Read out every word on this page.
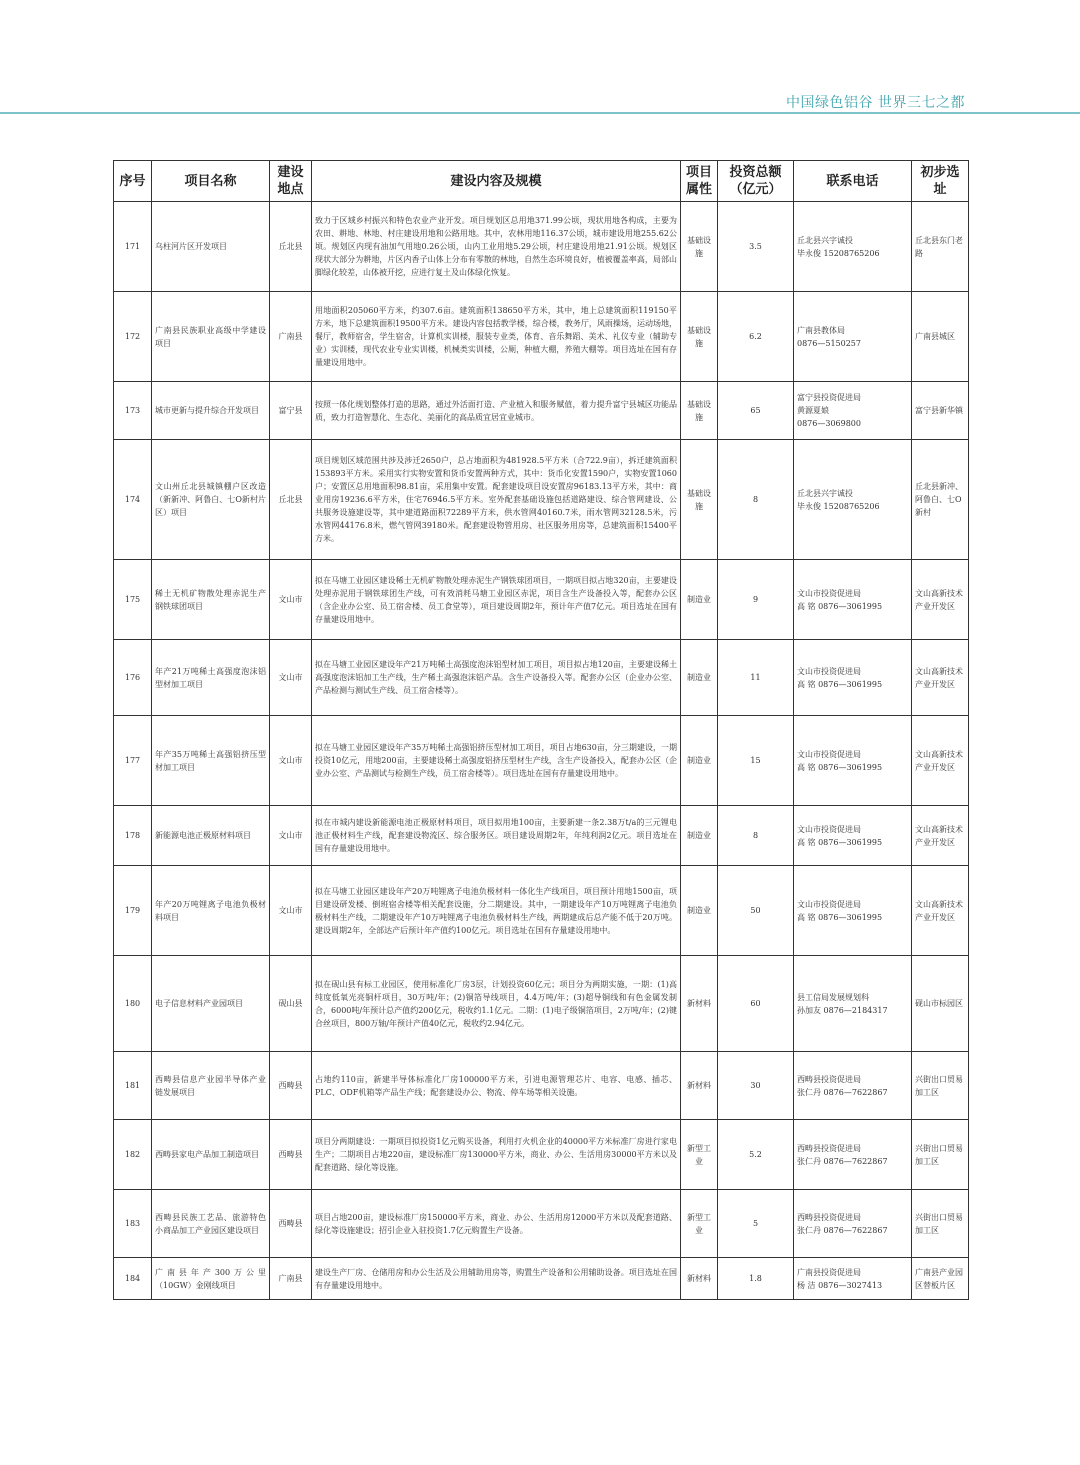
中国绿色铝谷 世界三七之都
序号	项目名称	建设地点	建设内容及规模	项目属性	投资总额（亿元）	联系电话	初步选址
171	乌柱河片区开发项目	丘北县	致力于区域乡村振兴和特色农业产业开发。项目规划区总用地371.99公顷，现状用地各构成，主要为农田、耕地、林地、村庄建设用地和公路用地。其中，农林用地116.37公顷，城市建设用地255.62公顷。规划区内现有油加气用地0.26公顷，山内工业用地5.29公顷，村庄建设用地21.91公顷。规划区现状大部分为耕地，片区内香子山体上分布有零散的林地，自然生态环境良好，植被覆盖率高，局部山脚绿化较差，山体被开挖，应进行复土及山体绿化恢复。	基础设施	3.5	丘北县兴字诚投
毕永俊 15208765206	丘北县东门老路
172	广南县民族职业高级中学建设项目	广南县	用地面积205060平方米，约307.6亩。建筑面积138650平方米，其中，地上总建筑面积119150平方米，地下总建筑面积19500平方米。建设内容包括教学楼，综合楼，教务厅，风雨操场，运动场地，餐厅，教师宿舍，学生宿舍，计算机实训楼，服装专业类，体育、音乐舞蹈、美术、礼仪专业（辅助专业）实训楼，现代农业专业实训楼，机械类实训楼，公厕，种植大棚，养殖大棚等。项目选址在国有存量建设用地中。	基础设施	6.2	广南县教体局
0876—5150257	广南县城区
173	城市更新与提升综合开发项目	富宁县	按照一体化规划整体打造的思路，通过外活面打造、产业植入和服务赋值，着力提升富宁县城区功能品质，致力打造智慧化、生态化、美丽化的高品质宜居宜业城市。	基础设施	65	富宁县投资促进局
黄源夏娘
0876—3069800	富宁县新华镇
174	文山州丘北县城镇棚户区改造（新新冲、阿鲁白、七O新村片区）项目	丘北县	项目规划区域范围共涉及涉迁2650户，总占地面积为481928.5平方米（合722.9亩），拆迁建筑面积153893平方米。采用实行实物安置和货币安置两种方式，其中：货币化安置1590户，实物安置1060户；安置区总用地面积98.81亩，采用集中安置。配套建设项目设安置房96183.13平方米，其中：商业用房19236.6平方米，住宅76946.5平方米。室外配套基础设施包括道路建设、综合管网建设、公共服务设施建设等，其中建道路面积72289平方米，供水管网40160.7米，雨水管网32128.5米，污水管网44176.8米，燃气管网39180米。配套建设物管用房、社区服务用房等，总建筑面积15400平方米。	基础设施	8	丘北县兴宇诚投
毕永俊 15208765206	丘北县新冲、阿鲁白、七O新村
175	稀土无机矿物散处理赤泥生产钢铁球团项目	文山市	拟在马塘工业园区建设稀土无机矿物散处理赤泥生产钢铁球团项目，一期项目拟占地320亩，主要建设处理赤泥用于钢铁球团生产线，可有效消耗马塘工业园区赤泥，项目含生产设备投入等，配套办公区（含企业办公室、员工宿舍楼、员工食堂等），项目建设周期2年，预计年产值7亿元。项目选址在国有存量建设用地中。	制造业	9	文山市投资促进局
高 铭 0876—3061995	文山高新技术产业开发区
176	年产21万吨稀土高强度泡沫铝型材加工项目	文山市	拟在马塘工业园区建设年产21万吨稀土高强度泡沫铝型材加工项目，项目拟占地120亩，主要建设稀土高强度泡沫铝加工生产线，生产稀土高强泡沫铝产品。含生产设备投入等。配套办公区（企业办公室、产品检测与测试生产线、员工宿舍楼等）。	制造业	11	文山市投资促进局
高 铭 0876—3061995	文山高新技术产业开发区
177	年产35万吨稀土高强铝挤压型材加工项目	文山市	拟在马塘工业园区建设年产35万吨稀土高强铝挤压型材加工项目，项目占地630亩，分三期建设，一期投资10亿元，用地200亩，主要建设稀土高强度铝挤压型材生产线，含生产设备投入，配套办公区（企业办公室、产品测试与检测生产线，员工宿舍楼等）。项目选址在国有存量建设用地中。	制造业	15	文山市投资促进局
高 铭 0876—3061995	文山高新技术产业开发区
178	新能源电池正极原材料项目	文山市	拟在市城内建设新能源电池正极原材料项目，项目拟用地100亩，主要新建一条2.38万t/a的三元锂电池正极材料生产线，配套建设物流区、综合服务区。项目建设周期2年，年纯利润2亿元。项目选址在国有存量建设用地中。	制造业	8	文山市投资促进局
高 铭 0876—3061995	文山高新技术产业开发区
179	年产20万吨锂离子电池负极材料项目	文山市	拟在马塘工业园区建设年产20万吨锂离子电池负极材料一体化生产线项目，项目预计用地1500亩，项目建设研发楼、倒班宿舍楼等相关配套设施，分二期建设。其中，一期建设年产10万吨锂离子电池负极材料生产线，二期建设年产10万吨锂离子电池负极材料生产线，两期建成后总产能不低于20万吨。建设周期2年，全部达产后预计年产值约100亿元。项目选址在国有存量建设用地中。	制造业	50	文山市投资促进局
高 铭 0876—3061995	文山高新技术产业开发区
180	电子信息材料产业园项目	砚山县	拟在砚山县有标工业园区，使用标准化厂房3层，计划投资60亿元；项目分为两期实施，一期：(1)高纯度低氧光亮铜杆项目，30万吨/年；(2)铜箔导线项目，4.4万吨/年；(3)超导铜线和有色金属发制合，6000吨/年预计总产值约200亿元，税收约1.1亿元。二期：(1)电子级铜箔项目，2万吨/年；(2)键合丝项目，800万轴/年预计产值40亿元，税收约2.94亿元。	新材料	60	县工信局发展规划科
孙加友 0876—2184317	砚山市标园区
181	西畴县信息产业园半导体产业链发展项目	西畴县	占地约110亩，新建半导体标准化厂房100000平方米，引进电源管理芯片、电容、电感、插芯、PLC、ODF机箱等产品生产线；配套建设办公、物流、停车场等相关设施。	新材料	30	西畴县投资促进局
张仁丹 0876—7622867	兴街出口贸易加工区
182	西畴县家电产品加工制造项目	西畴县	项目分两期建设：一期项目拟投资1亿元购买设备，利用打火机企业的40000平方米标准厂房进行家电生产；二期项目占地220亩，建设标准厂房130000平方米，商业、办公、生活用房30000平方米以及配套道路、绿化等设施。	新型工业	5.2	西畴县投资促进局
张仁丹 0876—7622867	兴街出口贸易加工区
183	西畴县民族工艺品、旅游特色小商品加工产业园区建设项目	西畴县	项目占地200亩，建设标准厂房150000平方米，商业、办公、生活用房12000平方米以及配套道路、绿化等设施建设；招引企业入驻投资1.7亿元购置生产设备。	新型工业	5	西畴县投资促进局
张仁丹 0876—7622867	兴街出口贸易加工区
184	广南县年产300万公里（10GW）金刚线项目	广南县	建设生产厂房、仓储用房和办公生活及公用辅助用房等，购置生产设备和公用辅助设备。项目选址在国有存量建设用地中。	新材料	1.8	广南县投资促进局
杨 洁 0876—3027413	广南县产业园区替板片区
